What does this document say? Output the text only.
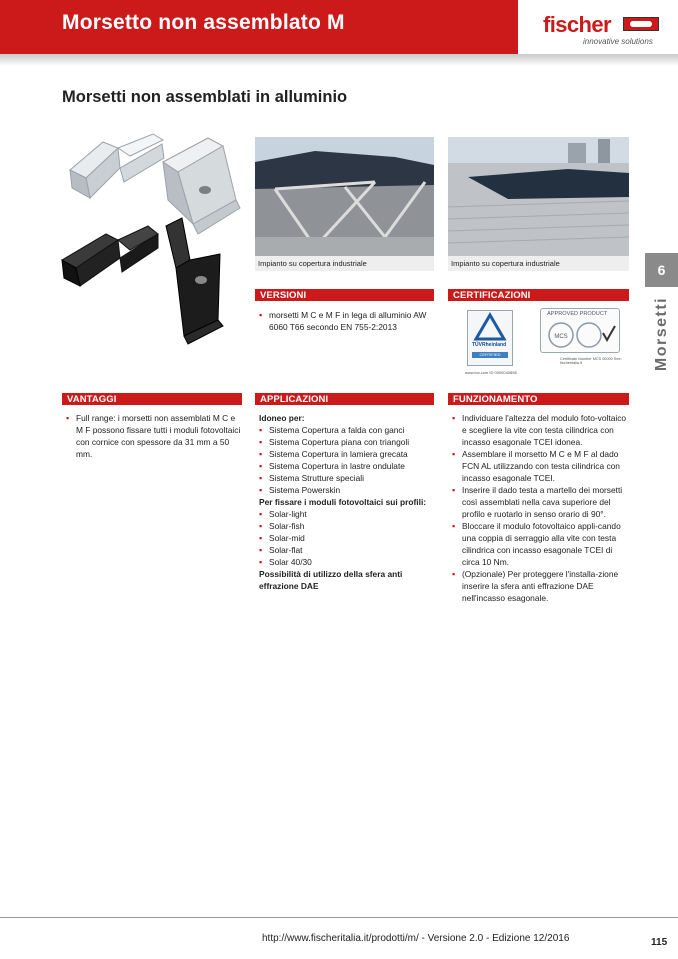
Morsetto non assemblato M	fischer
innovative solutions
Morsetti non assemblati in alluminio
Impianto su copertura industriale	Impianto su copertura industriale	6
Morsetti
VERSIONI
▪ morsetti M C e M F in lega di alluminio AW 6060 T66 secondo EN 755-2:2013
CERTIFICAZIONI
TÜVRheinland
CERTIFIED
www.tuv.com ID 0000040898
APPROVED PRODUCT
MCS
Certificate Number MCS 00000 See: fischeritalia.it
VANTAGGI
▪ Full range: i morsetti non assemblati M C e M F possono fissare tutti i moduli fotovoltaici con cornice con spessore da 31 mm a 50 mm.
APPLICAZIONI
Idoneo per:
▪ Sistema Copertura a falda con ganci
▪ Sistema Copertura piana con triangoli
▪ Sistema Copertura in lamiera grecata
▪ Sistema Copertura in lastre ondulate
▪ Sistema Strutture speciali
▪ Sistema Powerskin
Per fissare i moduli fotovoltaici sui profili:
▪ Solar-light
▪ Solar-fish
▪ Solar-mid
▪ Solar-flat
▪ Solar 40/30
Possibilità di utilizzo della sfera anti effrazione DAE
FUNZIONAMENTO
▪ Individuare l'altezza del modulo foto-voltaico e scegliere la vite con testa cilindrica con incasso esagonale TCEI idonea.
▪ Assemblare il morsetto M C e M F al dado FCN AL utilizzando con testa cilindrica con incasso esagonale TCEI.
▪ Inserire il dado testa a martello dei morsetti così assemblati nella cava superiore del profilo e ruotarlo in senso orario di 90°.
▪ Bloccare il modulo fotovoltaico appli-cando una coppia di serraggio alla vite con testa cilindrica con incasso esagonale TCEI di circa 10 Nm.
▪ (Opzionale) Per proteggere l'installa-zione inserire la sfera anti effrazione DAE nell'incasso esagonale.
http://www.fischeritalia.it/prodotti/m/ - Versione 2.0 - Edizione 12/2016	115
